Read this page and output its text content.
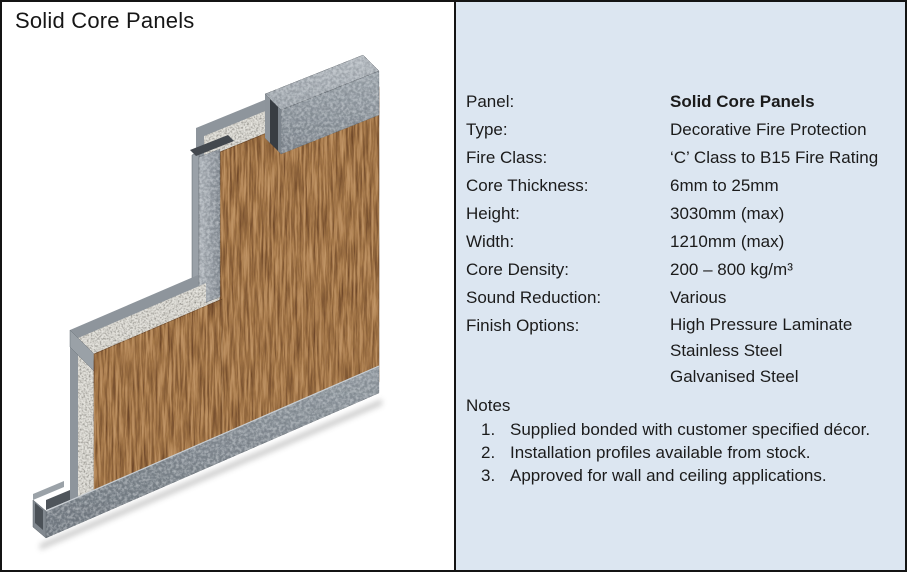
Solid Core Panels
Panel:	Solid Core Panels
Type:	Decorative Fire Protection
Fire Class:	‘C’ Class to B15 Fire Rating
Core Thickness:	6mm to 25mm
Height:	3030mm (max)
Width:	1210mm (max)
Core Density:	200 – 800 kg/m³
Sound Reduction:	Various
Finish Options:	High Pressure Laminate
Stainless Steel
Galvanised Steel
Notes
1. Supplied bonded with customer specified décor.
2. Installation profiles available from stock.
3. Approved for wall and ceiling applications.
